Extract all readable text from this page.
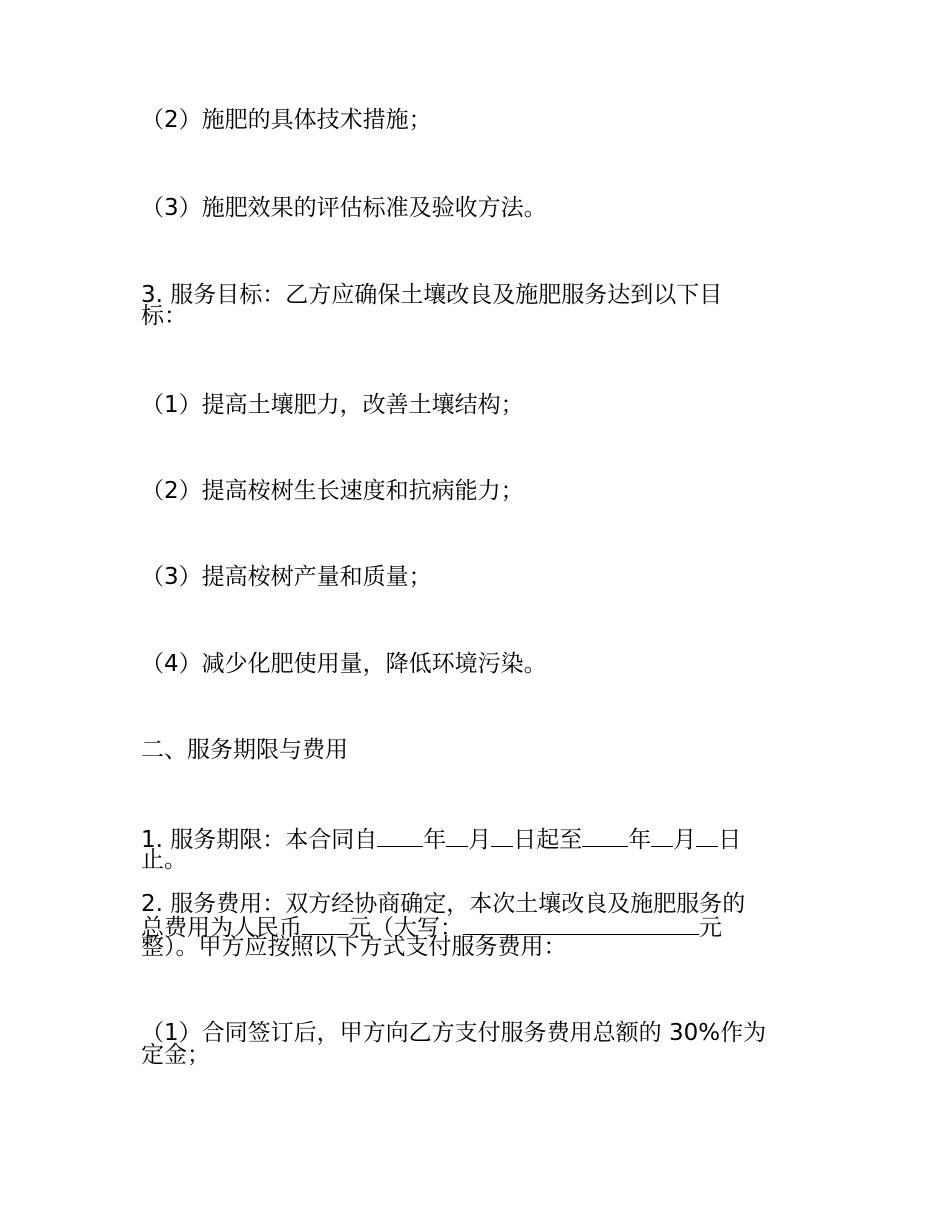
（2）施肥的具体技术措施；
（3）施肥效果的评估标准及验收方法。
3. 服务目标：乙方应确保土壤改良及施肥服务达到以下目
标：
（1）提高土壤肥力，改善土壤结构；
（2）提高桉树生长速度和抗病能力；
（3）提高桉树产量和质量；
（4）减少化肥使用量，降低环境污染。
二、服务期限与费用
1. 服务期限：本合同自 年 月 日起至 年 月 日
止。
2. 服务费用：双方经协商确定，本次土壤改良及施肥服务的
总费用为人民币 元（大写：	元
整）。甲方应按照以下方式支付服务费用：
（1）合同签订后，甲方向乙方支付服务费用总额的 30%作为
定金；
